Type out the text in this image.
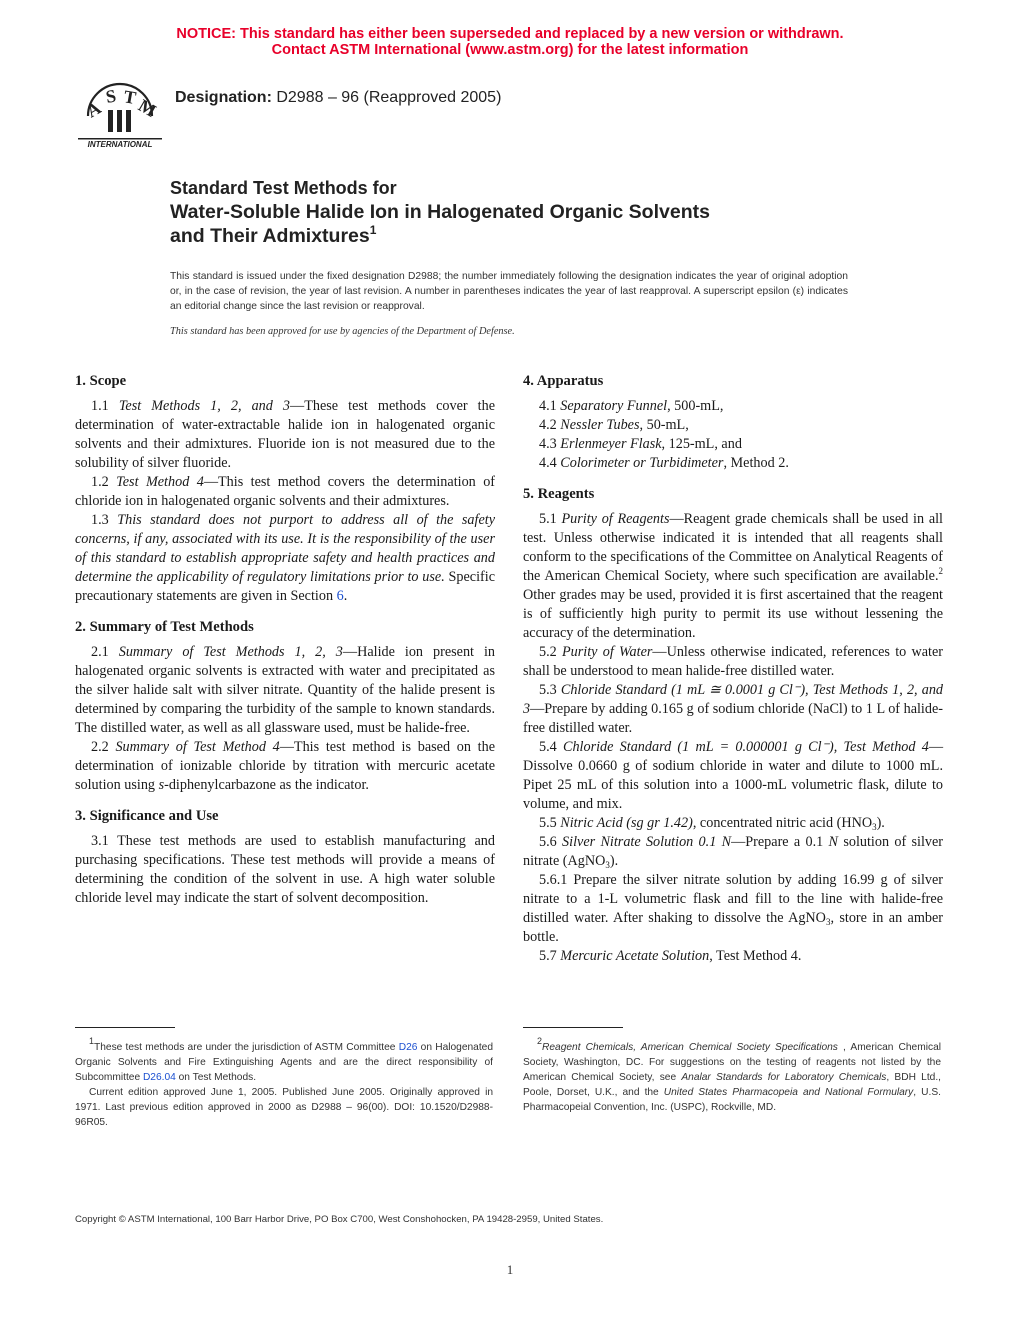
NOTICE: This standard has either been superseded and replaced by a new version or withdrawn.
Contact ASTM International (www.astm.org) for the latest information
A
S T
M
INTERNATIONAL
Designation: D2988 – 96 (Reapproved 2005)
Standard Test Methods for
Water-Soluble Halide Ion in Halogenated Organic Solvents
and Their Admixtures$^1$
This standard is issued under the fixed designation D2988; the number immediately following the designation indicates the year of original adoption or, in the case of revision, the year of last revision. A number in parentheses indicates the year of last reapproval. A superscript epsilon (ε) indicates an editorial change since the last revision or reapproval.
This standard has been approved for use by agencies of the Department of Defense.
1. Scope

1.1 Test Methods 1, 2, and 3—These test methods cover the determination of water-extractable halide ion in halogenated organic solvents and their admixtures. Fluoride ion is not measured due to the solubility of silver fluoride.

1.2 Test Method 4—This test method covers the determination of chloride ion in halogenated organic solvents and their admixtures.

1.3 This standard does not purport to address all of the safety concerns, if any, associated with its use. It is the responsibility of the user of this standard to establish appropriate safety and health practices and determine the applicability of regulatory limitations prior to use. Specific precautionary statements are given in Section 6.

2. Summary of Test Methods

2.1 Summary of Test Methods 1, 2, 3—Halide ion present in halogenated organic solvents is extracted with water and precipitated as the silver halide salt with silver nitrate. Quantity of the halide present is determined by comparing the turbidity of the sample to known standards. The distilled water, as well as all glassware used, must be halide-free.

2.2 Summary of Test Method 4—This test method is based on the determination of ionizable chloride by titration with mercuric acetate solution using s-diphenylcarbazone as the indicator.

3. Significance and Use

3.1 These test methods are used to establish manufacturing and purchasing specifications. These test methods will provide a means of determining the condition of the solvent in use. A high water soluble chloride level may indicate the start of solvent decomposition.

4. Apparatus

4.1 Separatory Funnel, 500-mL,

4.2 Nessler Tubes, 50-mL,

4.3 Erlenmeyer Flask, 125-mL, and

4.4 Colorimeter or Turbidimeter, Method 2.

5. Reagents

5.1 Purity of Reagents—Reagent grade chemicals shall be used in all test. Unless otherwise indicated it is intended that all reagents shall conform to the specifications of the Committee on Analytical Reagents of the American Chemical Society, where such specification are available.$^2$ Other grades may be used, provided it is first ascertained that the reagent is of sufficiently high purity to permit its use without lessening the accuracy of the determination.

5.2 Purity of Water—Unless otherwise indicated, references to water shall be understood to mean halide-free distilled water.

5.3 Chloride Standard (1 mL ≅ 0.0001 g Cl⁻), Test Methods 1, 2, and 3—Prepare by adding 0.165 g of sodium chloride (NaCl) to 1 L of halide-free distilled water.

5.4 Chloride Standard (1 mL = 0.000001 g Cl⁻), Test Method 4—Dissolve 0.0660 g of sodium chloride in water and dilute to 1000 mL. Pipet 25 mL of this solution into a 1000-mL volumetric flask, dilute to volume, and mix.

5.5 Nitric Acid (sg gr 1.42), concentrated nitric acid $(HNO_3)$.

5.6 Silver Nitrate Solution 0.1 N—Prepare a 0.1 N solution of silver nitrate (AgNO$_3$).

5.6.1 Prepare the silver nitrate solution by adding 16.99 g of silver nitrate to a 1-L volumetric flask and fill to the line with halide-free distilled water. After shaking to dissolve the AgNO$_3$, store in an amber bottle.

5.7 Mercuric Acetate Solution, Test Method 4.

$^1$These test methods are under the jurisdiction of ASTM Committee D26 on Halogenated Organic Solvents and Fire Extinguishing Agents and are the direct responsibility of Subcommittee D26.04 on Test Methods.

Current edition approved June 1, 2005. Published June 2005. Originally approved in 1971. Last previous edition approved in 2000 as D2988 – 96(00). DOI: 10.1520/D2988-96R05.

$^2$Reagent Chemicals, American Chemical Society Specifications , American Chemical Society, Washington, DC. For suggestions on the testing of reagents not listed by the American Chemical Society, see Analar Standards for Laboratory Chemicals, BDH Ltd., Poole, Dorset, U.K., and the United States Pharmacopeia and National Formulary, U.S. Pharmacopeial Convention, Inc. (USPC), Rockville, MD.

Copyright © ASTM International, 100 Barr Harbor Drive, PO Box C700, West Conshohocken, PA 19428-2959, United States.
1
